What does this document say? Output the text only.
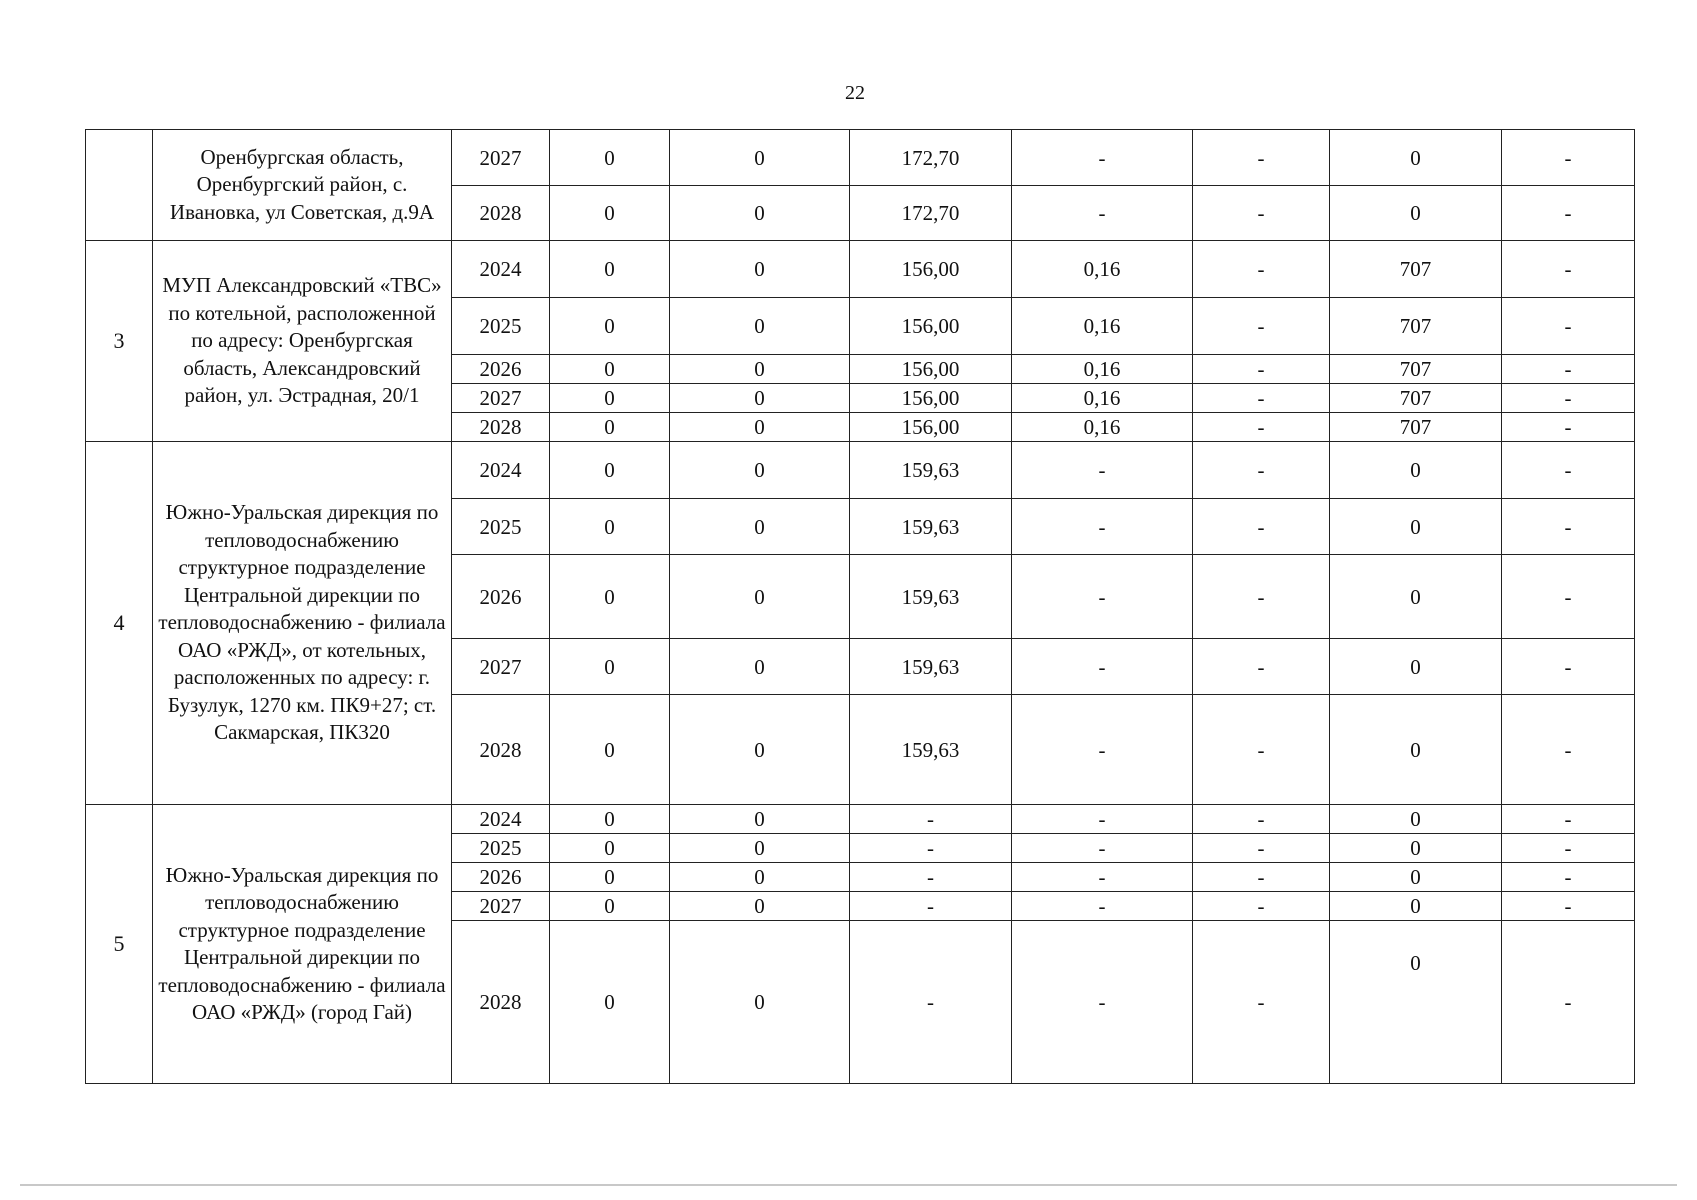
22
	Оренбургская область, Оренбургский район, с. Ивановка, ул Советская, д.9А	2027	0	0	172,70	-	-	0	-
		2028	0	0	172,70	-	-	0	-
3	МУП Александровский «ТВС» по котельной, расположенной по адресу: Оренбургская область, Александровский район, ул. Эстрадная, 20/1	2024	0	0	156,00	0,16	-	707	-
		2025	0	0	156,00	0,16	-	707	-
		2026	0	0	156,00	0,16	-	707	-
		2027	0	0	156,00	0,16	-	707	-
		2028	0	0	156,00	0,16	-	707	-
4	Южно-Уральская дирекция по тепловодоснабжению структурное подразделение Центральной дирекции по тепловодоснабжению - филиала ОАО «РЖД», от котельных, расположенных по адресу: г. Бузулук, 1270 км. ПК9+27; ст. Сакмарская, ПК320	2024	0	0	159,63	-	-	0	-
		2025	0	0	159,63	-	-	0	-
		2026	0	0	159,63	-	-	0	-
		2027	0	0	159,63	-	-	0	-
		2028	0	0	159,63	-	-	0	-
5	Южно-Уральская дирекция по тепловодоснабжению структурное подразделение Центральной дирекции по тепловодоснабжению - филиала ОАО «РЖД» (город Гай)	2024	0	0	-	-	-	0	-
		2025	0	0	-	-	-	0	-
		2026	0	0	-	-	-	0	-
		2027	0	0	-	-	-	0	-
		2028	0	0	-	-	-	0	-
